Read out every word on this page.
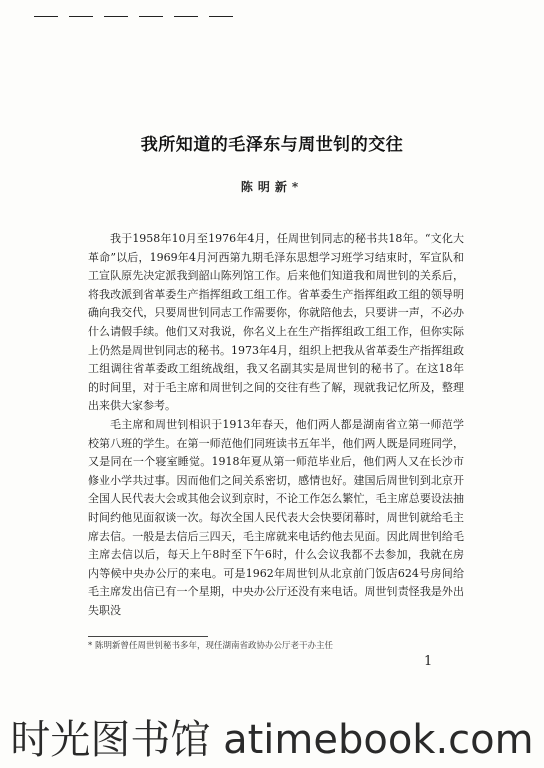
我所知道的毛泽东与周世钊的交往
陈明新*

我于1958年10月至1976年4月，任周世钊同志的秘书共18年。“文化大革命”以后，1969年4月河西第九期毛泽东思想学习班学习结束时，军宣队和工宣队原先决定派我到韶山陈列馆工作。后来他们知道我和周世钊的关系后，将我改派到省革委生产指挥组政工组工作。省革委生产指挥组政工组的领导明确向我交代，只要周世钊同志工作需要你，你就陪他去，只要讲一声，不必办什么请假手续。他们又对我说，你名义上在生产指挥组政工组工作，但你实际上仍然是周世钊同志的秘书。1973年4月，组织上把我从省革委生产指挥组政工组调往省革委政工组统战组，我又名副其实是周世钊的秘书了。在这18年的时间里，对于毛主席和周世钊之间的交往有些了解，现就我记忆所及，整理出来供大家参考。

毛主席和周世钊相识于1913年春天，他们两人都是湖南省立第一师范学校第八班的学生。在第一师范他们同班读书五年半，他们两人既是同班同学，又是同在一个寝室睡觉。1918年夏从第一师范毕业后，他们两人又在长沙市修业小学共过事。因而他们之间关系密切，感情也好。建国后周世钊到北京开全国人民代表大会或其他会议到京时，不论工作怎么繁忙，毛主席总要设法抽时间约他见面叙谈一次。每次全国人民代表大会快要闭幕时，周世钊就给毛主席去信。一般是去信后三四天，毛主席就来电话约他去见面。因此周世钊给毛主席去信以后，每天上午8时至下午6时，什么会议我都不去参加，我就在房内等候中央办公厅的来电。可是1962年周世钊从北京前门饭店624号房间给毛主席发出信已有一个星期，中央办公厅还没有来电话。周世钊责怪我是外出失职没

* 陈明新曾任周世钊秘书多年，现任湖南省政协办公厅老干办主任
1
时光图书馆 atimebook.com
